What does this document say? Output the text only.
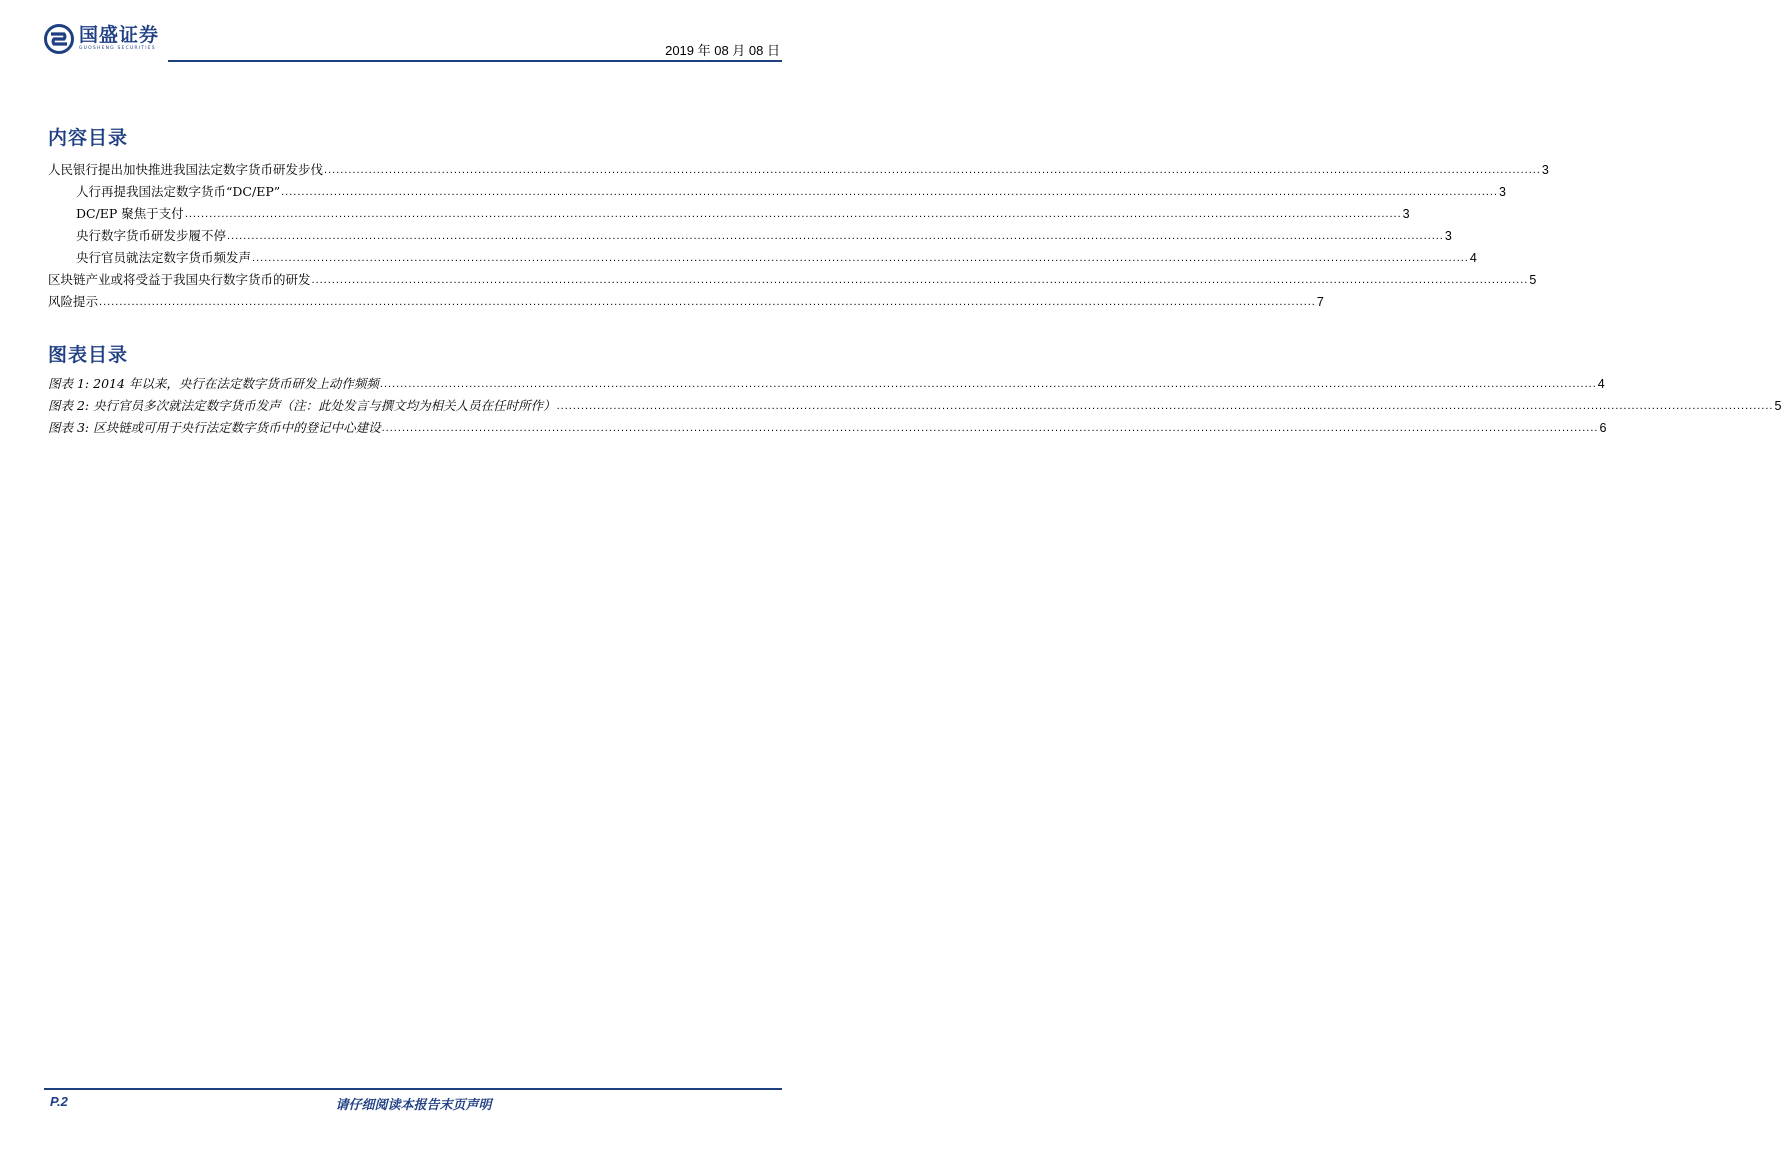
国盛证券
GUOSHENG SECURITIES	2019 年 08 月 08 日
内容目录
人民银行提出加快推进我国法定数字货币研发步伐 ............................................................................................................................................................................................................................................................................................................ 3
人行再提我国法定数字货币“DC/EP” ............................................................................................................................................................................................................................................................................................................ 3
DC/EP 聚焦于支付 ............................................................................................................................................................................................................................................................................................................ 3
央行数字货币研发步履不停 ............................................................................................................................................................................................................................................................................................................ 3
央行官员就法定数字货币频发声 ............................................................................................................................................................................................................................................................................................................ 4
区块链产业或将受益于我国央行数字货币的研发 ............................................................................................................................................................................................................................................................................................................ 5
风险提示 ............................................................................................................................................................................................................................................................................................................ 7
图表目录
图表 1: 2014 年以来，央行在法定数字货币研发上动作频频 ............................................................................................................................................................................................................................................................................................................ 4
图表 2: 央行官员多次就法定数字货币发声（注：此处发言与撰文均为相关人员在任时所作） ............................................................................................................................................................................................................................................................................................................ 5
图表 3: 区块链或可用于央行法定数字货币中的登记中心建设 ............................................................................................................................................................................................................................................................................................................ 6
P.2	请仔细阅读本报告末页声明
